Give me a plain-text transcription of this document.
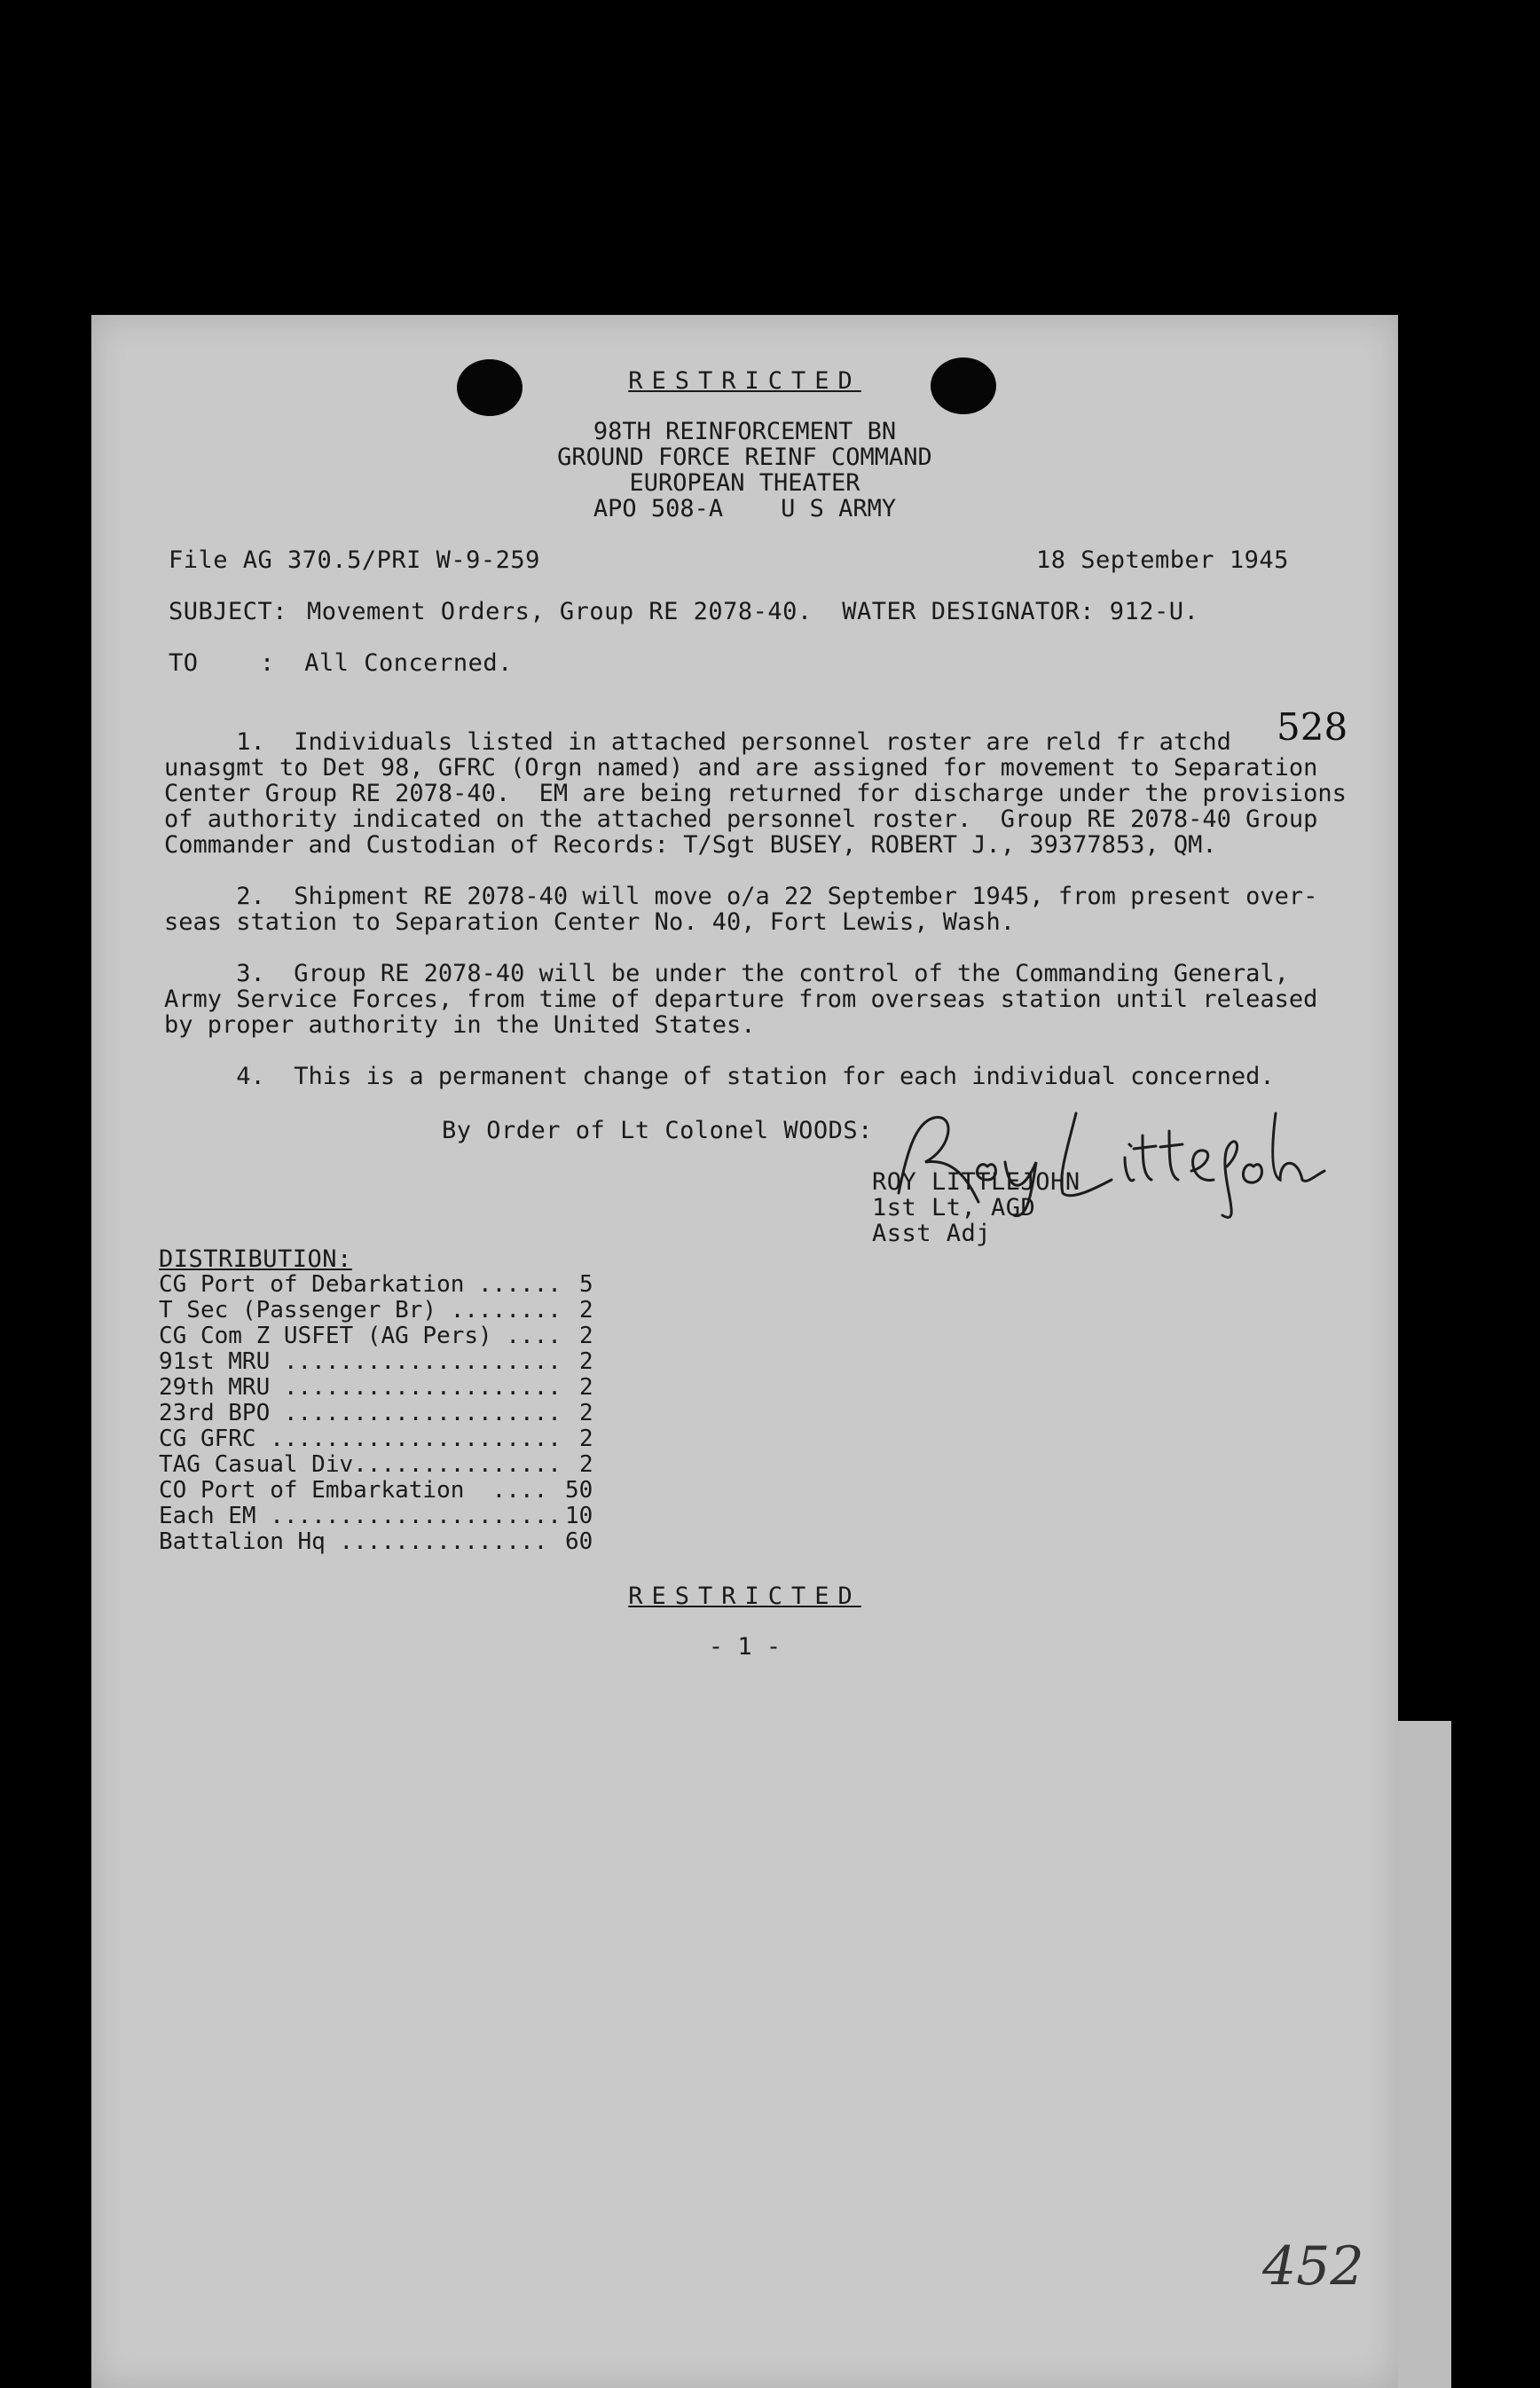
RESTRICTED
98TH REINFORCEMENT BN
GROUND FORCE REINF COMMAND
EUROPEAN THEATER
APO 508-A    U S ARMY
File AG 370.5/PRI W-9-259	18 September 1945
SUBJECT: Movement Orders, Group RE 2078-40.  WATER DESIGNATOR: 912-U.
TO	:  All Concerned.
528
1.  Individuals listed in attached personnel roster are reld fr atchd
unasgmt to Det 98, GFRC (Orgn named) and are assigned for movement to Separation
Center Group RE 2078-40.  EM are being returned for discharge under the provisions
of authority indicated on the attached personnel roster.  Group RE 2078-40 Group
Commander and Custodian of Records: T/Sgt BUSEY, ROBERT J., 39377853, QM.
2.  Shipment RE 2078-40 will move o/a 22 September 1945, from present over-
seas station to Separation Center No. 40, Fort Lewis, Wash.
3.  Group RE 2078-40 will be under the control of the Commanding General,
Army Service Forces, from time of departure from overseas station until released
by proper authority in the United States.
4.  This is a permanent change of station for each individual concerned.
By Order of Lt Colonel WOODS:
ROY LITTLEJOHN
1st Lt, AGD
Asst Adj
DISTRIBUTION:
CG Port of Debarkation ...... 5
T Sec (Passenger Br) ........ 2
CG Com Z USFET (AG Pers) .... 2
91st MRU .................... 2
29th MRU .................... 2
23rd BPO .................... 2
CG GFRC ..................... 2
TAG Casual Div............... 2
CO Port of Embarkation  .... 50
Each EM ..................... 10
Battalion Hq ............... 60
RESTRICTED
- 1 -
452
